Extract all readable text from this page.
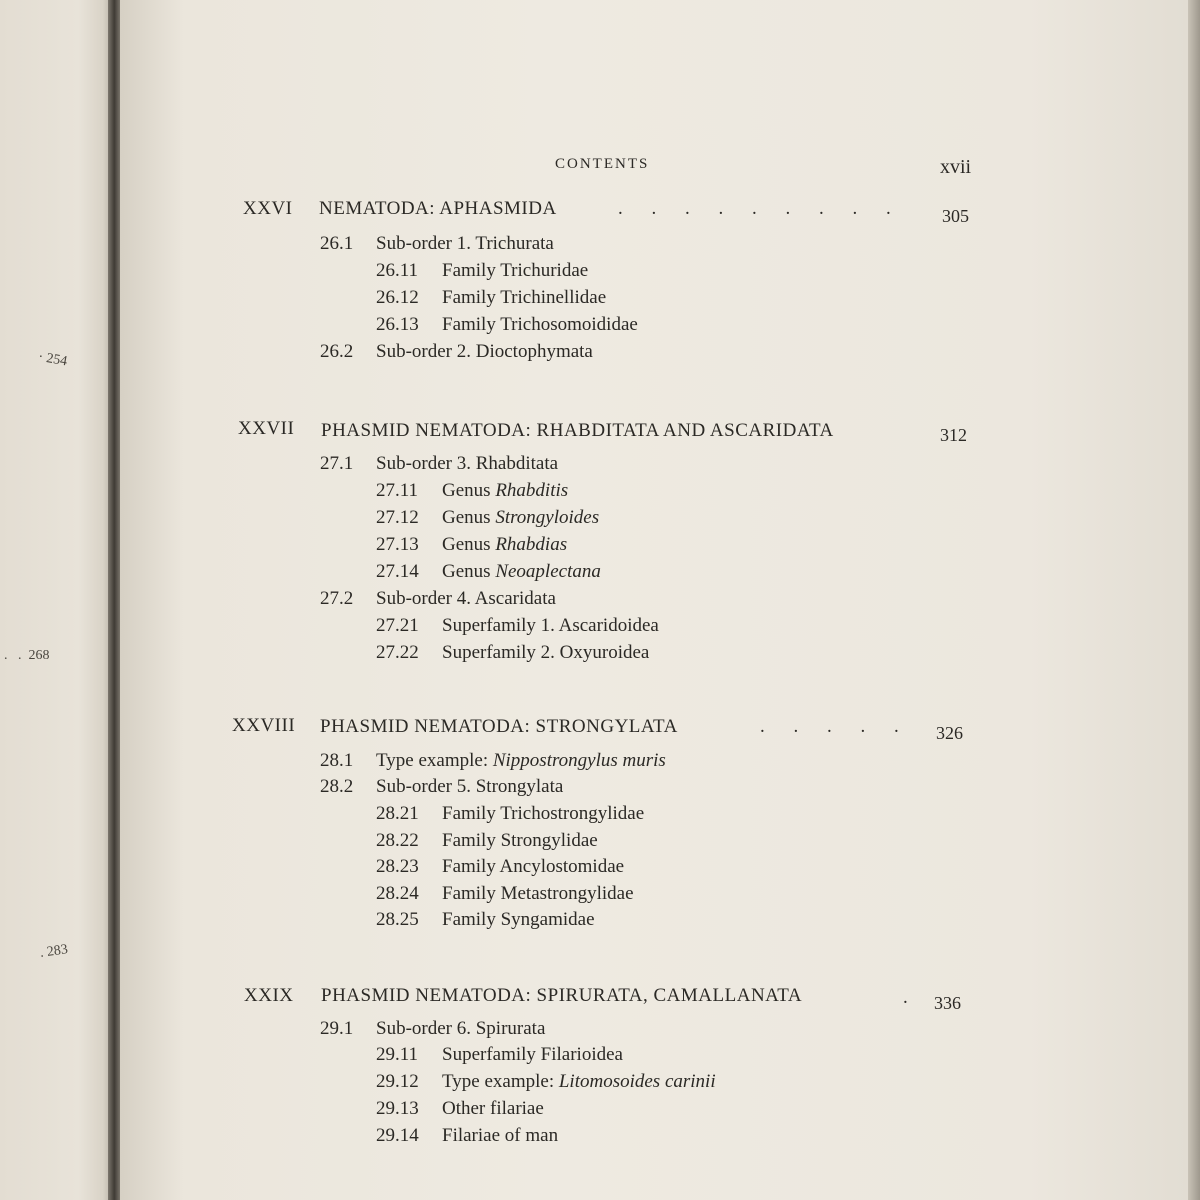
· 254
.   .  268
. 283
CONTENTS	xvii
XXVI NEMATODA: APHASMIDA	. . . . . . . . . 305
26.1 Sub-order 1. Trichurata
26.11 Family Trichuridae
26.12 Family Trichinellidae
26.13 Family Trichosomoididae
26.2 Sub-order 2. Dioctophymata
XXVII PHASMID NEMATODA: RHABDITATA AND ASCARIDATA	312
27.1 Sub-order 3. Rhabditata
27.11 Genus Rhabditis
27.12 Genus Strongyloides
27.13 Genus Rhabdias
27.14 Genus Neoaplectana
27.2 Sub-order 4. Ascaridata
27.21 Superfamily 1. Ascaridoidea
27.22 Superfamily 2. Oxyuroidea
XXVIII PHASMID NEMATODA: STRONGYLATA	. . . . . 326
28.1 Type example: Nippostrongylus muris
28.2 Sub-order 5. Strongylata
28.21 Family Trichostrongylidae
28.22 Family Strongylidae
28.23 Family Ancylostomidae
28.24 Family Metastrongylidae
28.25 Family Syngamidae
XXIX PHASMID NEMATODA: SPIRURATA, CAMALLANATA	. 336
29.1 Sub-order 6. Spirurata
29.11 Superfamily Filarioidea
29.12 Type example: Litomosoides carinii
29.13 Other filariae
29.14 Filariae of man
